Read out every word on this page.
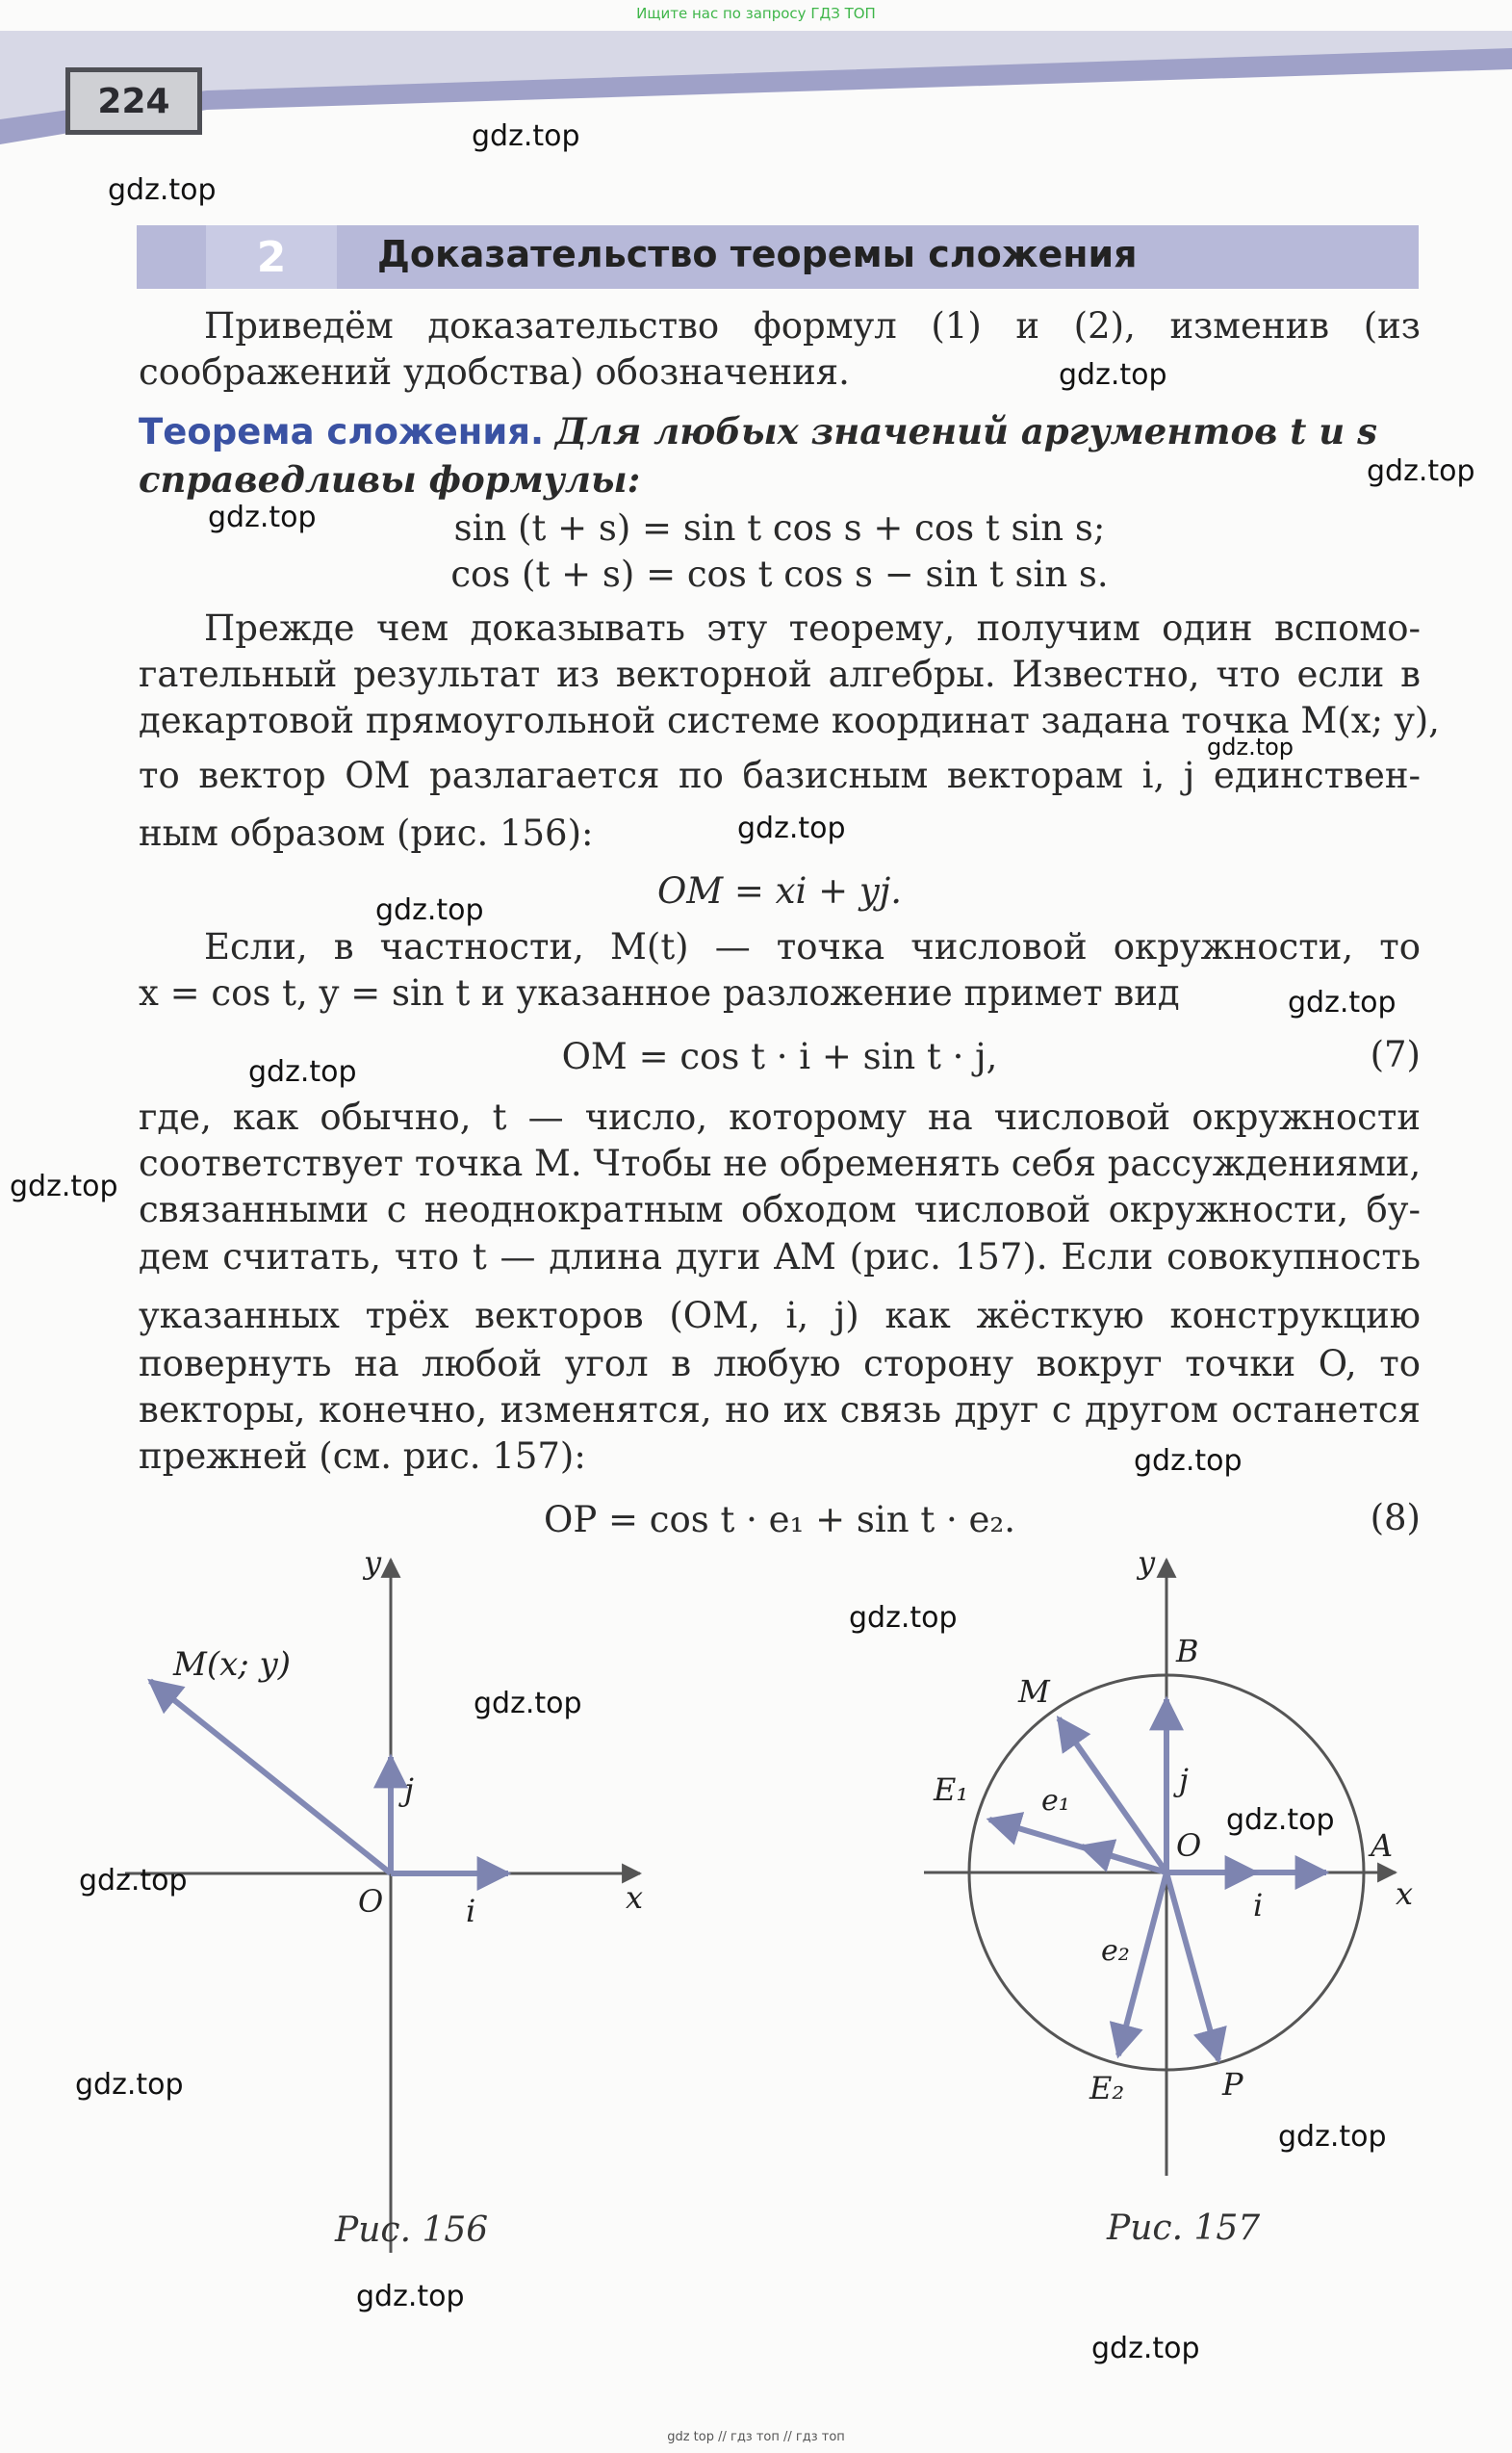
Ищите нас по запросу ГДЗ ТОП
224
2	Доказательство теоремы сложения
Приведём доказательство формул (1) и (2), изменив (из
соображений удобства) обозначения.
Теорема сложения. Для любых значений аргументов t и s
справедливы формулы:
sin (t + s) = sin t cos s + cos t sin s;
cos (t + s) = cos t cos s − sin t sin s.
Прежде чем доказывать эту теорему, получим один вспомо-
гательный результат из векторной алгебры. Известно, что если в
декартовой прямоугольной системе координат задана точка M(x; y),
то вектор OM разлагается по базисным векторам i, j единствен-
ным образом (рис. 156):
OM = xi + yj.
Если, в частности, M(t) — точка числовой окружности, то
x = cos t, y = sin t и указанное разложение примет вид
OM = cos t · i + sin t · j,	(7)
где, как обычно, t — число, которому на числовой окружности
соответствует точка M. Чтобы не обременять себя рассуждениями,
связанными с неоднократным обходом числовой окружности, бу-
дем считать, что t — длина дуги AM (рис. 157). Если совокупность
указанных трёх векторов (OM, i, j) как жёсткую конструкцию
повернуть на любой угол в любую сторону вокруг точки O, то
векторы, конечно, изменятся, но их связь друг с другом останется
прежней (см. рис. 157):
OP = cos t · e₁ + sin t · e₂.	(8)
M(x; y)
y
x
O	i
j
Рис. 156
y
B
M
E₁	e₁
j
O	A
x
i
e₂
E₂	P
Рис. 157
gdz.top
gdz.top
gdz.top
gdz.top
gdz.top
gdz.top
gdz.top
gdz.top
gdz.top
gdz.top
gdz.top
gdz.top
gdz.top
gdz.top
gdz.top
gdz.top
gdz.top
gdz.top
gdz.top
gdz.top
gdz top // гдз топ // гдз топ
